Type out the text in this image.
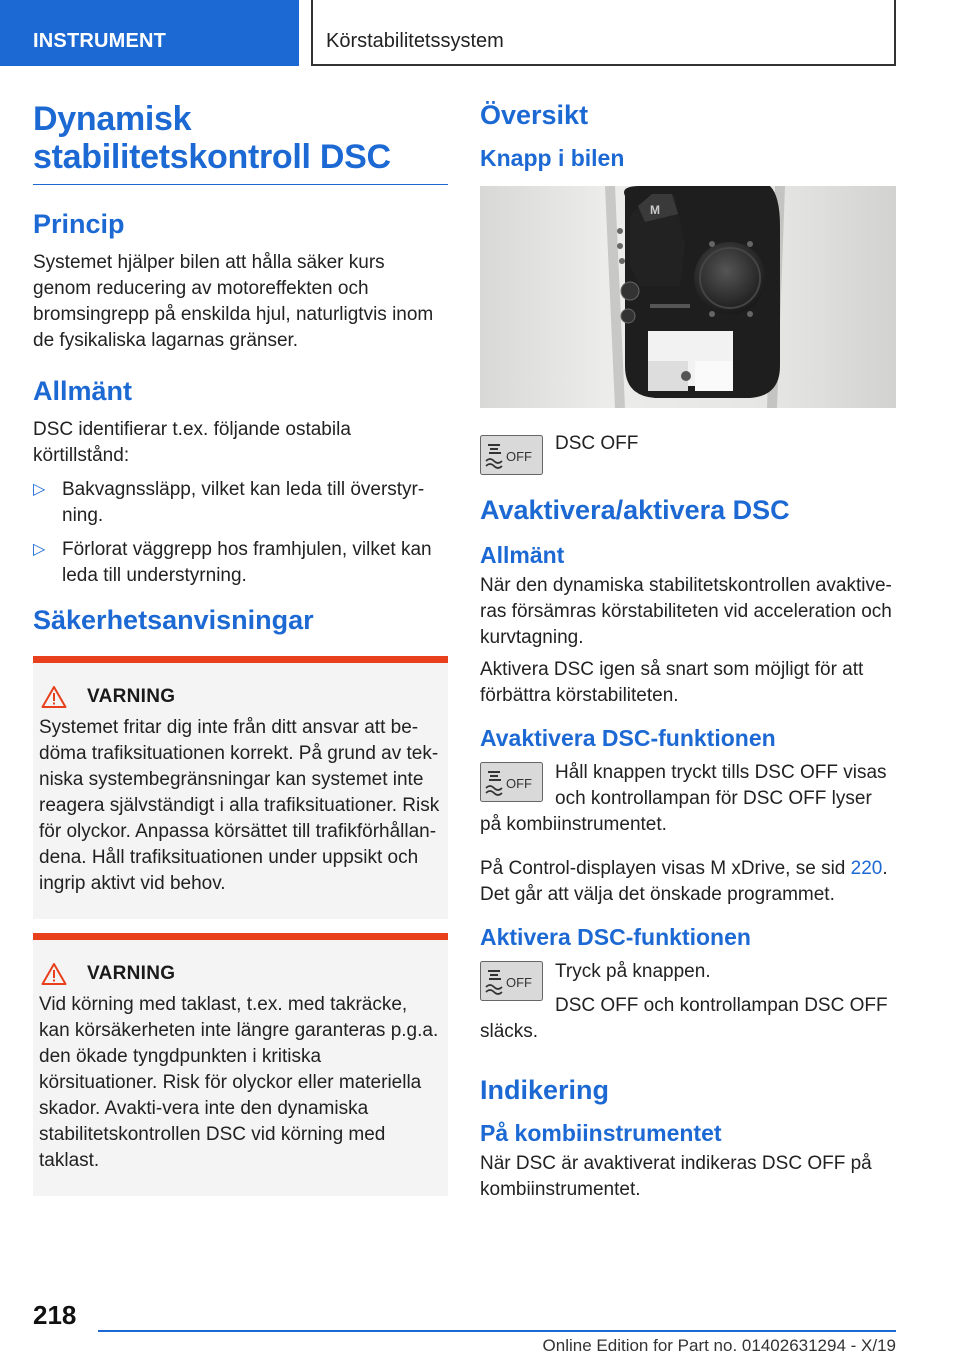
INSTRUMENT	Körstabilitetssystem
Dynamisk stabilitetskontroll DSC
Princip

Systemet hjälper bilen att hålla säker kurs genom reducering av motoreffekten och bromsingrepp på enskilda hjul, naturligtvis inom de fysikaliska lagarnas gränser.

Allmänt

DSC identifierar t.ex. följande ostabila körtillstånd:

▷ Bakvagnssläpp, vilket kan leda till överstyr-ning.
▷ Förlorat väggrepp hos framhjulen, vilket kan leda till understyrning.
Säkerhetsanvisningar
VARNING

Systemet fritar dig inte från ditt ansvar att be-döma trafiksituationen korrekt. På grund av tek-niska systembegränsningar kan systemet inte reagera självständigt i alla trafiksituationer. Risk för olyckor. Anpassa körsättet till trafikförhållan-dena. Håll trafiksituationen under uppsikt och ingrip aktivt vid behov.

VARNING

Vid körning med taklast, t.ex. med takräcke, kan körsäkerheten inte längre garanteras p.g.a. den ökade tyngdpunkten i kritiska körsituationer. Risk för olyckor eller materiella skador. Avakti-vera inte den dynamiska stabilitetskontrollen DSC vid körning med taklast.

Översikt
Knapp i bilen
M
OFF
DSC OFF
Avaktivera/aktivera DSC
Allmänt

När den dynamiska stabilitetskontrollen avaktive-ras försämras körstabiliteten vid acceleration och kurvtagning.

Aktivera DSC igen så snart som möjligt för att förbättra körstabiliteten.

Avaktivera DSC-funktionen
OFF

Håll knappen tryckt tills DSC OFF visas och kontrollampan för DSC OFF lyser på kombiinstrumentet.

På Control-displayen visas M xDrive, se sid 220.
Det går att välja det önskade programmet.

Aktivera DSC-funktionen
OFF

Tryck på knappen.

DSC OFF och kontrollampan DSC OFF släcks.

Indikering
På kombiinstrumentet

När DSC är avaktiverat indikeras DSC OFF på kombiinstrumentet.

218
Online Edition for Part no. 01402631294 - X/19
